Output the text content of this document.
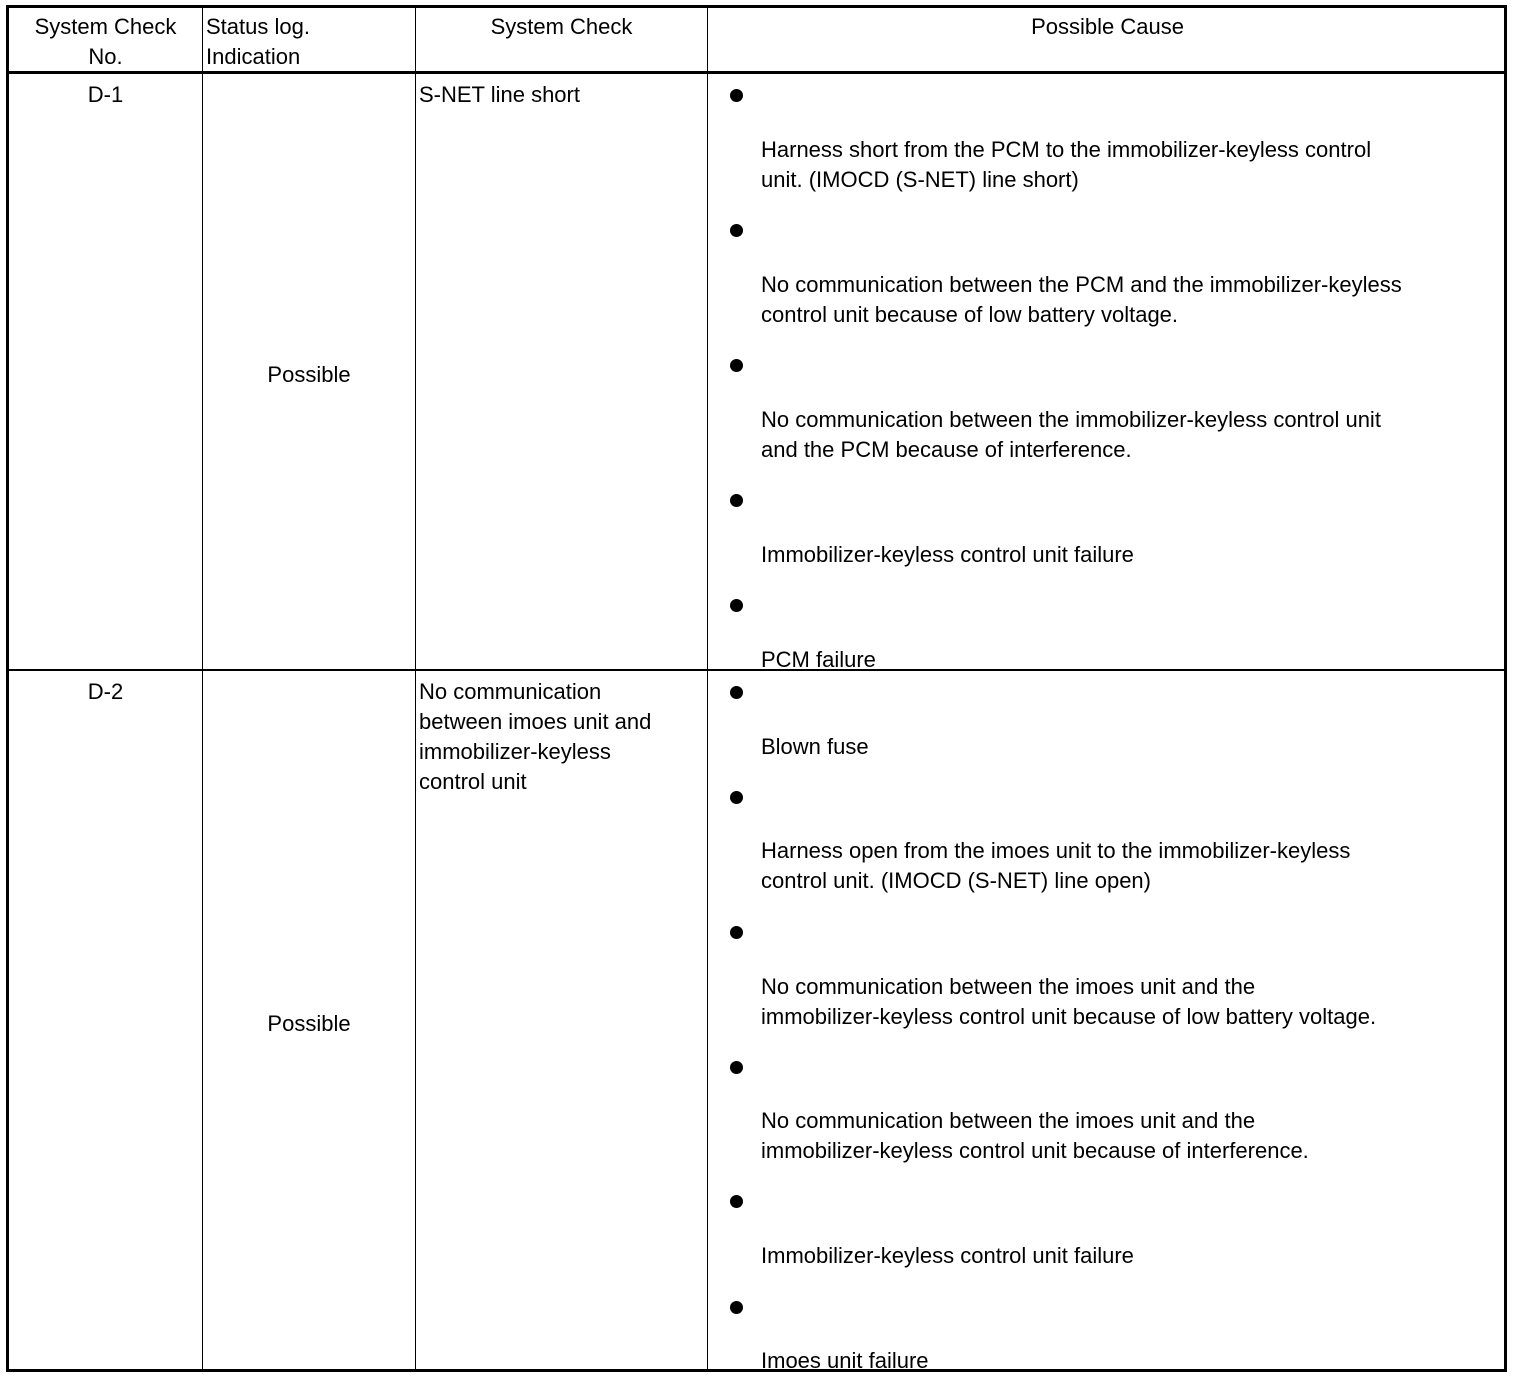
System Check
No.
Status log.
Indication
System Check	Possible Cause
D-1
Possible
S-NET line short
Harness short from the PCM to the immobilizer-keyless control
unit. (IMOCD (S-NET) line short)
No communication between the PCM and the immobilizer-keyless
control unit because of low battery voltage.
No communication between the immobilizer-keyless control unit
and the PCM because of interference.
Immobilizer-keyless control unit failure
PCM failure
D-2
Possible
No communication
between imoes unit and
immobilizer-keyless
control unit
Blown fuse
Harness open from the imoes unit to the immobilizer-keyless
control unit. (IMOCD (S-NET) line open)
No communication between the imoes unit and the
immobilizer-keyless control unit because of low battery voltage.
No communication between the imoes unit and the
immobilizer-keyless control unit because of interference.
Immobilizer-keyless control unit failure
Imoes unit failure
